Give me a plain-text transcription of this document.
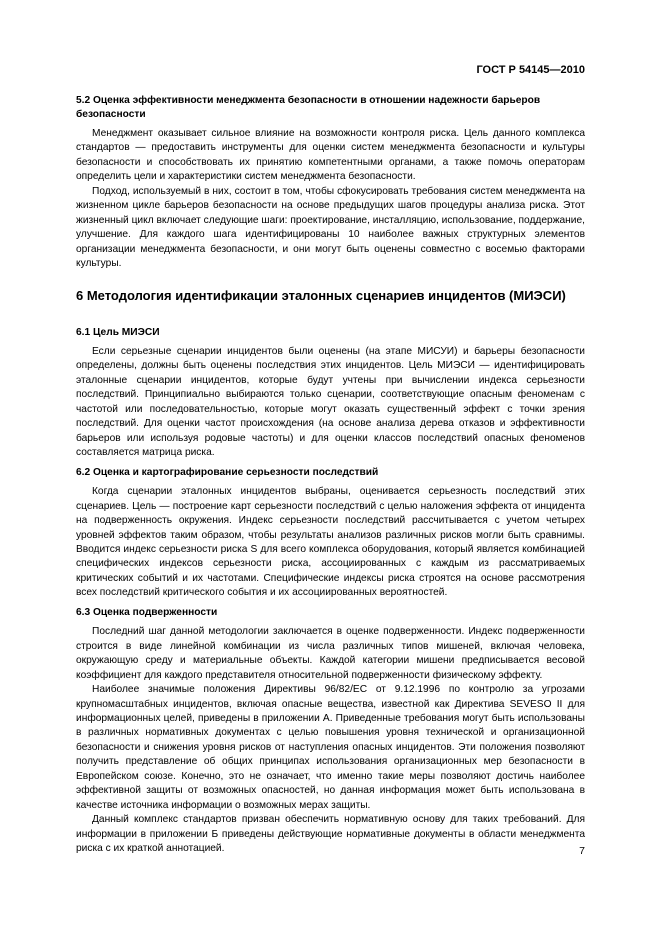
ГОСТ Р 54145—2010
5.2 Оценка эффективности менеджмента безопасности в отношении надежности барьеров безопасности

Менеджмент оказывает сильное влияние на возможности контроля риска. Цель данного комплекса стандартов — предоставить инструменты для оценки систем менеджмента безопасности и культуры безопасности и способствовать их принятию компетентными органами, а также помочь операторам определить цели и характеристики систем менеджмента безопасности.

Подход, используемый в них, состоит в том, чтобы сфокусировать требования систем менеджмента на жизненном цикле барьеров безопасности на основе предыдущих шагов процедуры анализа риска. Этот жизненный цикл включает следующие шаги: проектирование, инсталляцию, использование, поддержание, улучшение. Для каждого шага идентифицированы 10 наиболее важных структурных элементов организации менеджмента безопасности, и они могут быть оценены совместно с восемью факторами культуры.

6 Методология идентификации эталонных сценариев инцидентов (МИЭСИ)
6.1 Цель МИЭСИ

Если серьезные сценарии инцидентов были оценены (на этапе МИСУИ) и барьеры безопасности определены, должны быть оценены последствия этих инцидентов. Цель МИЭСИ — идентифицировать эталонные сценарии инцидентов, которые будут учтены при вычислении индекса серьезности последствий. Принципиально выбираются только сценарии, соответствующие опасным феноменам с частотой или последовательностью, которые могут оказать существенный эффект с точки зрения последствий. Для оценки частот происхождения (на основе анализа дерева отказов и эффективности барьеров или используя родовые частоты) и для оценки классов последствий опасных феноменов составляется матрица риска.

6.2 Оценка и картографирование серьезности последствий

Когда сценарии эталонных инцидентов выбраны, оценивается серьезность последствий этих сценариев. Цель — построение карт серьезности последствий с целью наложения эффекта от инцидента на подверженность окружения. Индекс серьезности последствий рассчитывается с учетом четырех уровней эффектов таким образом, чтобы результаты анализов различных рисков могли быть сравнимы. Вводится индекс серьезности риска S для всего комплекса оборудования, который является комбинацией специфических индексов серьезности риска, ассоциированных с каждым из рассматриваемых критических событий и их частотами. Специфические индексы риска строятся на основе рассмотрения всех последствий критического события и их ассоциированных вероятностей.

6.3 Оценка подверженности

Последний шаг данной методологии заключается в оценке подверженности. Индекс подверженности строится в виде линейной комбинации из числа различных типов мишеней, включая человека, окружающую среду и материальные объекты. Каждой категории мишени предписывается весовой коэффициент для каждого представителя относительной подверженности физическому эффекту.

Наиболее значимые положения Директивы 96/82/ЕС от 9.12.1996 по контролю за угрозами крупномасштабных инцидентов, включая опасные вещества, известной как Директива SEVESO II для информационных целей, приведены в приложении А. Приведенные требования могут быть использованы в различных нормативных документах с целью повышения уровня технической и организационной безопасности и снижения уровня рисков от наступления опасных инцидентов. Эти положения позволяют получить представление об общих принципах использования организационных мер безопасности в Европейском союзе. Конечно, это не означает, что именно такие меры позволяют достичь наиболее эффективной защиты от возможных опасностей, но данная информация может быть использована в качестве источника информации о возможных мерах защиты.

Данный комплекс стандартов призван обеспечить нормативную основу для таких требований. Для информации в приложении Б приведены действующие нормативные документы в области менеджмента риска с их краткой аннотацией.	7
